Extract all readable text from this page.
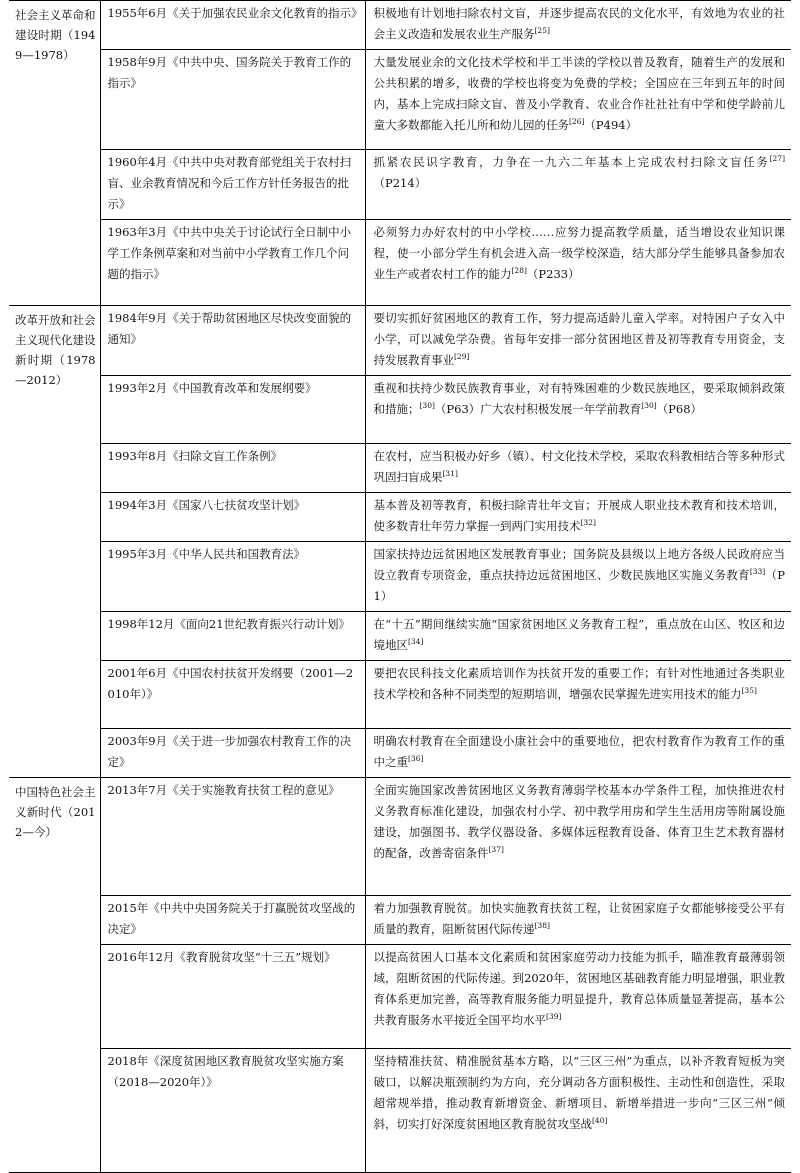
社会主义革命和建设时期（1949—1978）	1955年6月《关于加强农民业余文化教育的指示》	积极地有计划地扫除农村文盲，并逐步提高农民的文化水平，有效地为农业的社会主义改造和发展农业生产服务[25]
	1958年9月《中共中央、国务院关于教育工作的指示》	大量发展业余的文化技术学校和半工半读的学校以普及教育，随着生产的发展和公共积累的增多，收费的学校也将变为免费的学校；全国应在三年到五年的时间内，基本上完成扫除文盲、普及小学教育、农业合作社社社有中学和使学龄前儿童大多数都能入托儿所和幼儿园的任务[26]（P494）
	1960年4月《中共中央对教育部党组关于农村扫盲、业余教育情况和今后工作方针任务报告的批示》	抓紧农民识字教育，力争在一九六二年基本上完成农村扫除文盲任务[27]（P214）
	1963年3月《中共中央关于讨论试行全日制中小学工作条例草案和对当前中小学教育工作几个问题的指示》	必须努力办好农村的中小学校……应努力提高教学质量，适当增设农业知识课程，使一小部分学生有机会进入高一级学校深造，结大部分学生能够具备参加农业生产或者农村工作的能力[28]（P233）
改革开放和社会主义现代化建设新时期（1978—2012）	1984年9月《关于帮助贫困地区尽快改变面貌的通知》	要切实抓好贫困地区的教育工作，努力提高适龄儿童入学率。对特困户子女入中小学，可以减免学杂费。省每年安排一部分贫困地区普及初等教育专用资金，支持发展教育事业[29]
	1993年2月《中国教育改革和发展纲要》	重视和扶持少数民族教育事业，对有特殊困难的少数民族地区，要采取倾斜政策和措施；[30]（P63）广大农村积极发展一年学前教育[30]（P68）
	1993年8月《扫除文盲工作条例》	在农村，应当积极办好乡（镇）、村文化技术学校，采取农科教相结合等多种形式巩固扫盲成果[31]
	1994年3月《国家八七扶贫攻坚计划》	基本普及初等教育，积极扫除青壮年文盲；开展成人职业技术教育和技术培训，使多数青壮年劳力掌握一到两门实用技术[32]
	1995年3月《中华人民共和国教育法》	国家扶持边远贫困地区发展教育事业；国务院及县级以上地方各级人民政府应当设立教育专项资金，重点扶持边远贫困地区、少数民族地区实施义务教育[33]（P1）
	1998年12月《面向21世纪教育振兴行动计划》	在“十五”期间继续实施“国家贫困地区义务教育工程”，重点放在山区、牧区和边境地区[34]
	2001年6月《中国农村扶贫开发纲要（2001—2010年）》	要把农民科技文化素质培训作为扶贫开发的重要工作；有针对性地通过各类职业技术学校和各种不同类型的短期培训，增强农民掌握先进实用技术的能力[35]
	2003年9月《关于进一步加强农村教育工作的决定》	明确农村教育在全面建设小康社会中的重要地位，把农村教育作为教育工作的重中之重[36]
中国特色社会主义新时代（2012—今）	2013年7月《关于实施教育扶贫工程的意见》	全面实施国家改善贫困地区义务教育薄弱学校基本办学条件工程，加快推进农村义务教育标准化建设，加强农村小学、初中教学用房和学生生活用房等附属设施建设，加强图书、教学仪器设备、多媒体远程教育设备、体育卫生艺术教育器材的配备，改善寄宿条件[37]
	2015年《中共中央国务院关于打赢脱贫攻坚战的决定》	着力加强教育脱贫。加快实施教育扶贫工程，让贫困家庭子女都能够接受公平有质量的教育，阻断贫困代际传递[38]
	2016年12月《教育脱贫攻坚“十三五”规划》	以提高贫困人口基本文化素质和贫困家庭劳动力技能为抓手，瞄准教育最薄弱领域，阻断贫困的代际传递。到2020年，贫困地区基础教育能力明显增强，职业教育体系更加完善，高等教育服务能力明显提升，教育总体质量显著提高，基本公共教育服务水平接近全国平均水平[39]
	2018年《深度贫困地区教育脱贫攻坚实施方案（2018—2020年）》	坚持精准扶贫、精准脱贫基本方略，以“三区三州”为重点，以补齐教育短板为突破口，以解决瓶颈制约为方向，充分调动各方面积极性、主动性和创造性，采取超常规举措，推动教育新增资金、新增项目、新增举措进一步向“三区三州”倾斜，切实打好深度贫困地区教育脱贫攻坚战[40]
